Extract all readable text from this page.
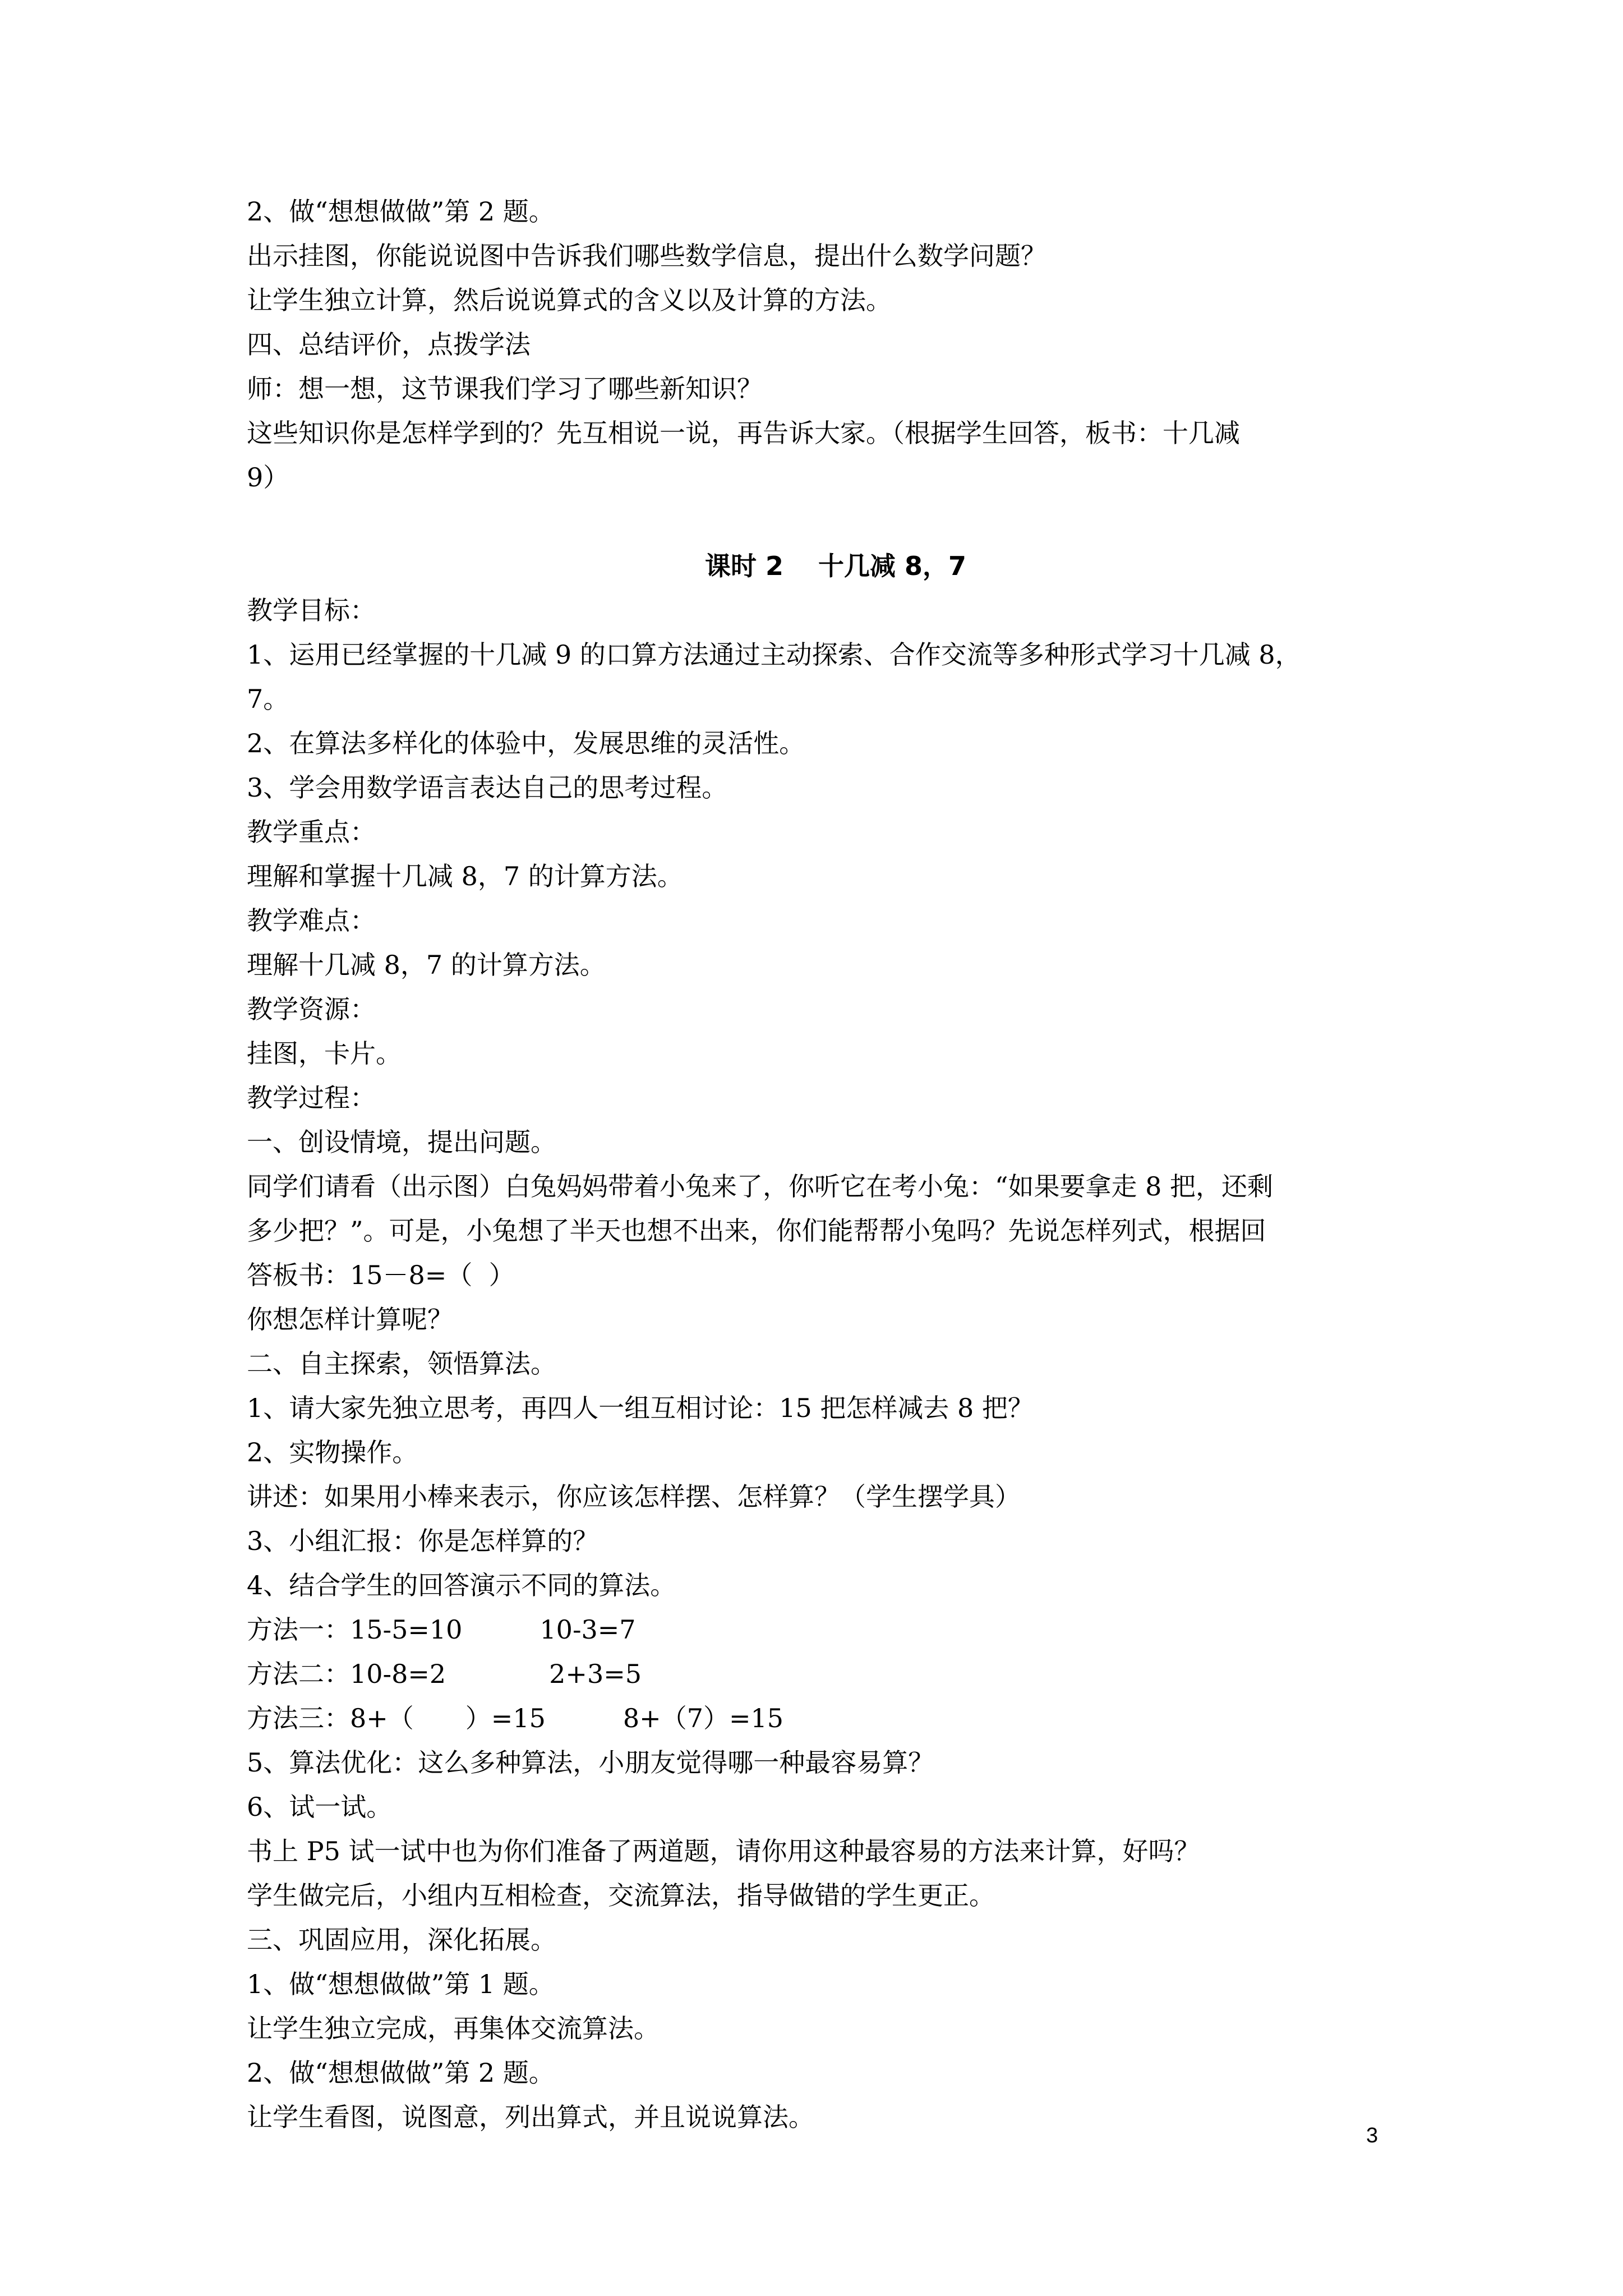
2、做“想想做做”第 2 题。
出示挂图，你能说说图中告诉我们哪些数学信息，提出什么数学问题？
让学生独立计算，然后说说算式的含义以及计算的方法。
四、总结评价，点拨学法
师：想一想，这节课我们学习了哪些新知识？
这些知识你是怎样学到的？先互相说一说，再告诉大家。（根据学生回答，板书：十几减
9）
课时 2　 十几减 8，7
教学目标：
1、运用已经掌握的十几减 9 的口算方法通过主动探索、合作交流等多种形式学习十几减 8，
7。
2、在算法多样化的体验中，发展思维的灵活性。
3、学会用数学语言表达自己的思考过程。
教学重点：
理解和掌握十几减 8，7 的计算方法。
教学难点：
理解十几减 8，7 的计算方法。
教学资源：
挂图，卡片。
教学过程：
一、创设情境，提出问题。
同学们请看（出示图）白兔妈妈带着小兔来了，你听它在考小兔：“如果要拿走 8 把，还剩
多少把？”。可是，小兔想了半天也想不出来，你们能帮帮小兔吗？先说怎样列式，根据回
答板书：15－8=（  ）
你想怎样计算呢？
二、自主探索，领悟算法。
1、请大家先独立思考，再四人一组互相讨论：15 把怎样减去 8 把？
2、实物操作。
讲述：如果用小棒来表示，你应该怎样摆、怎样算？（学生摆学具）
3、小组汇报：你是怎样算的？
4、结合学生的回答演示不同的算法。
方法一：15-5=10　　　10-3=7
方法二：10-8=2　　　　2+3=5
方法三：8+（　　）=15　　　8+（7）=15
5、算法优化：这么多种算法，小朋友觉得哪一种最容易算？
6、试一试。
书上 P5 试一试中也为你们准备了两道题，请你用这种最容易的方法来计算，好吗？
学生做完后，小组内互相检查，交流算法，指导做错的学生更正。
三、巩固应用，深化拓展。
1、做“想想做做”第 1 题。
让学生独立完成，再集体交流算法。
2、做“想想做做”第 2 题。
让学生看图，说图意，列出算式，并且说说算法。
3
